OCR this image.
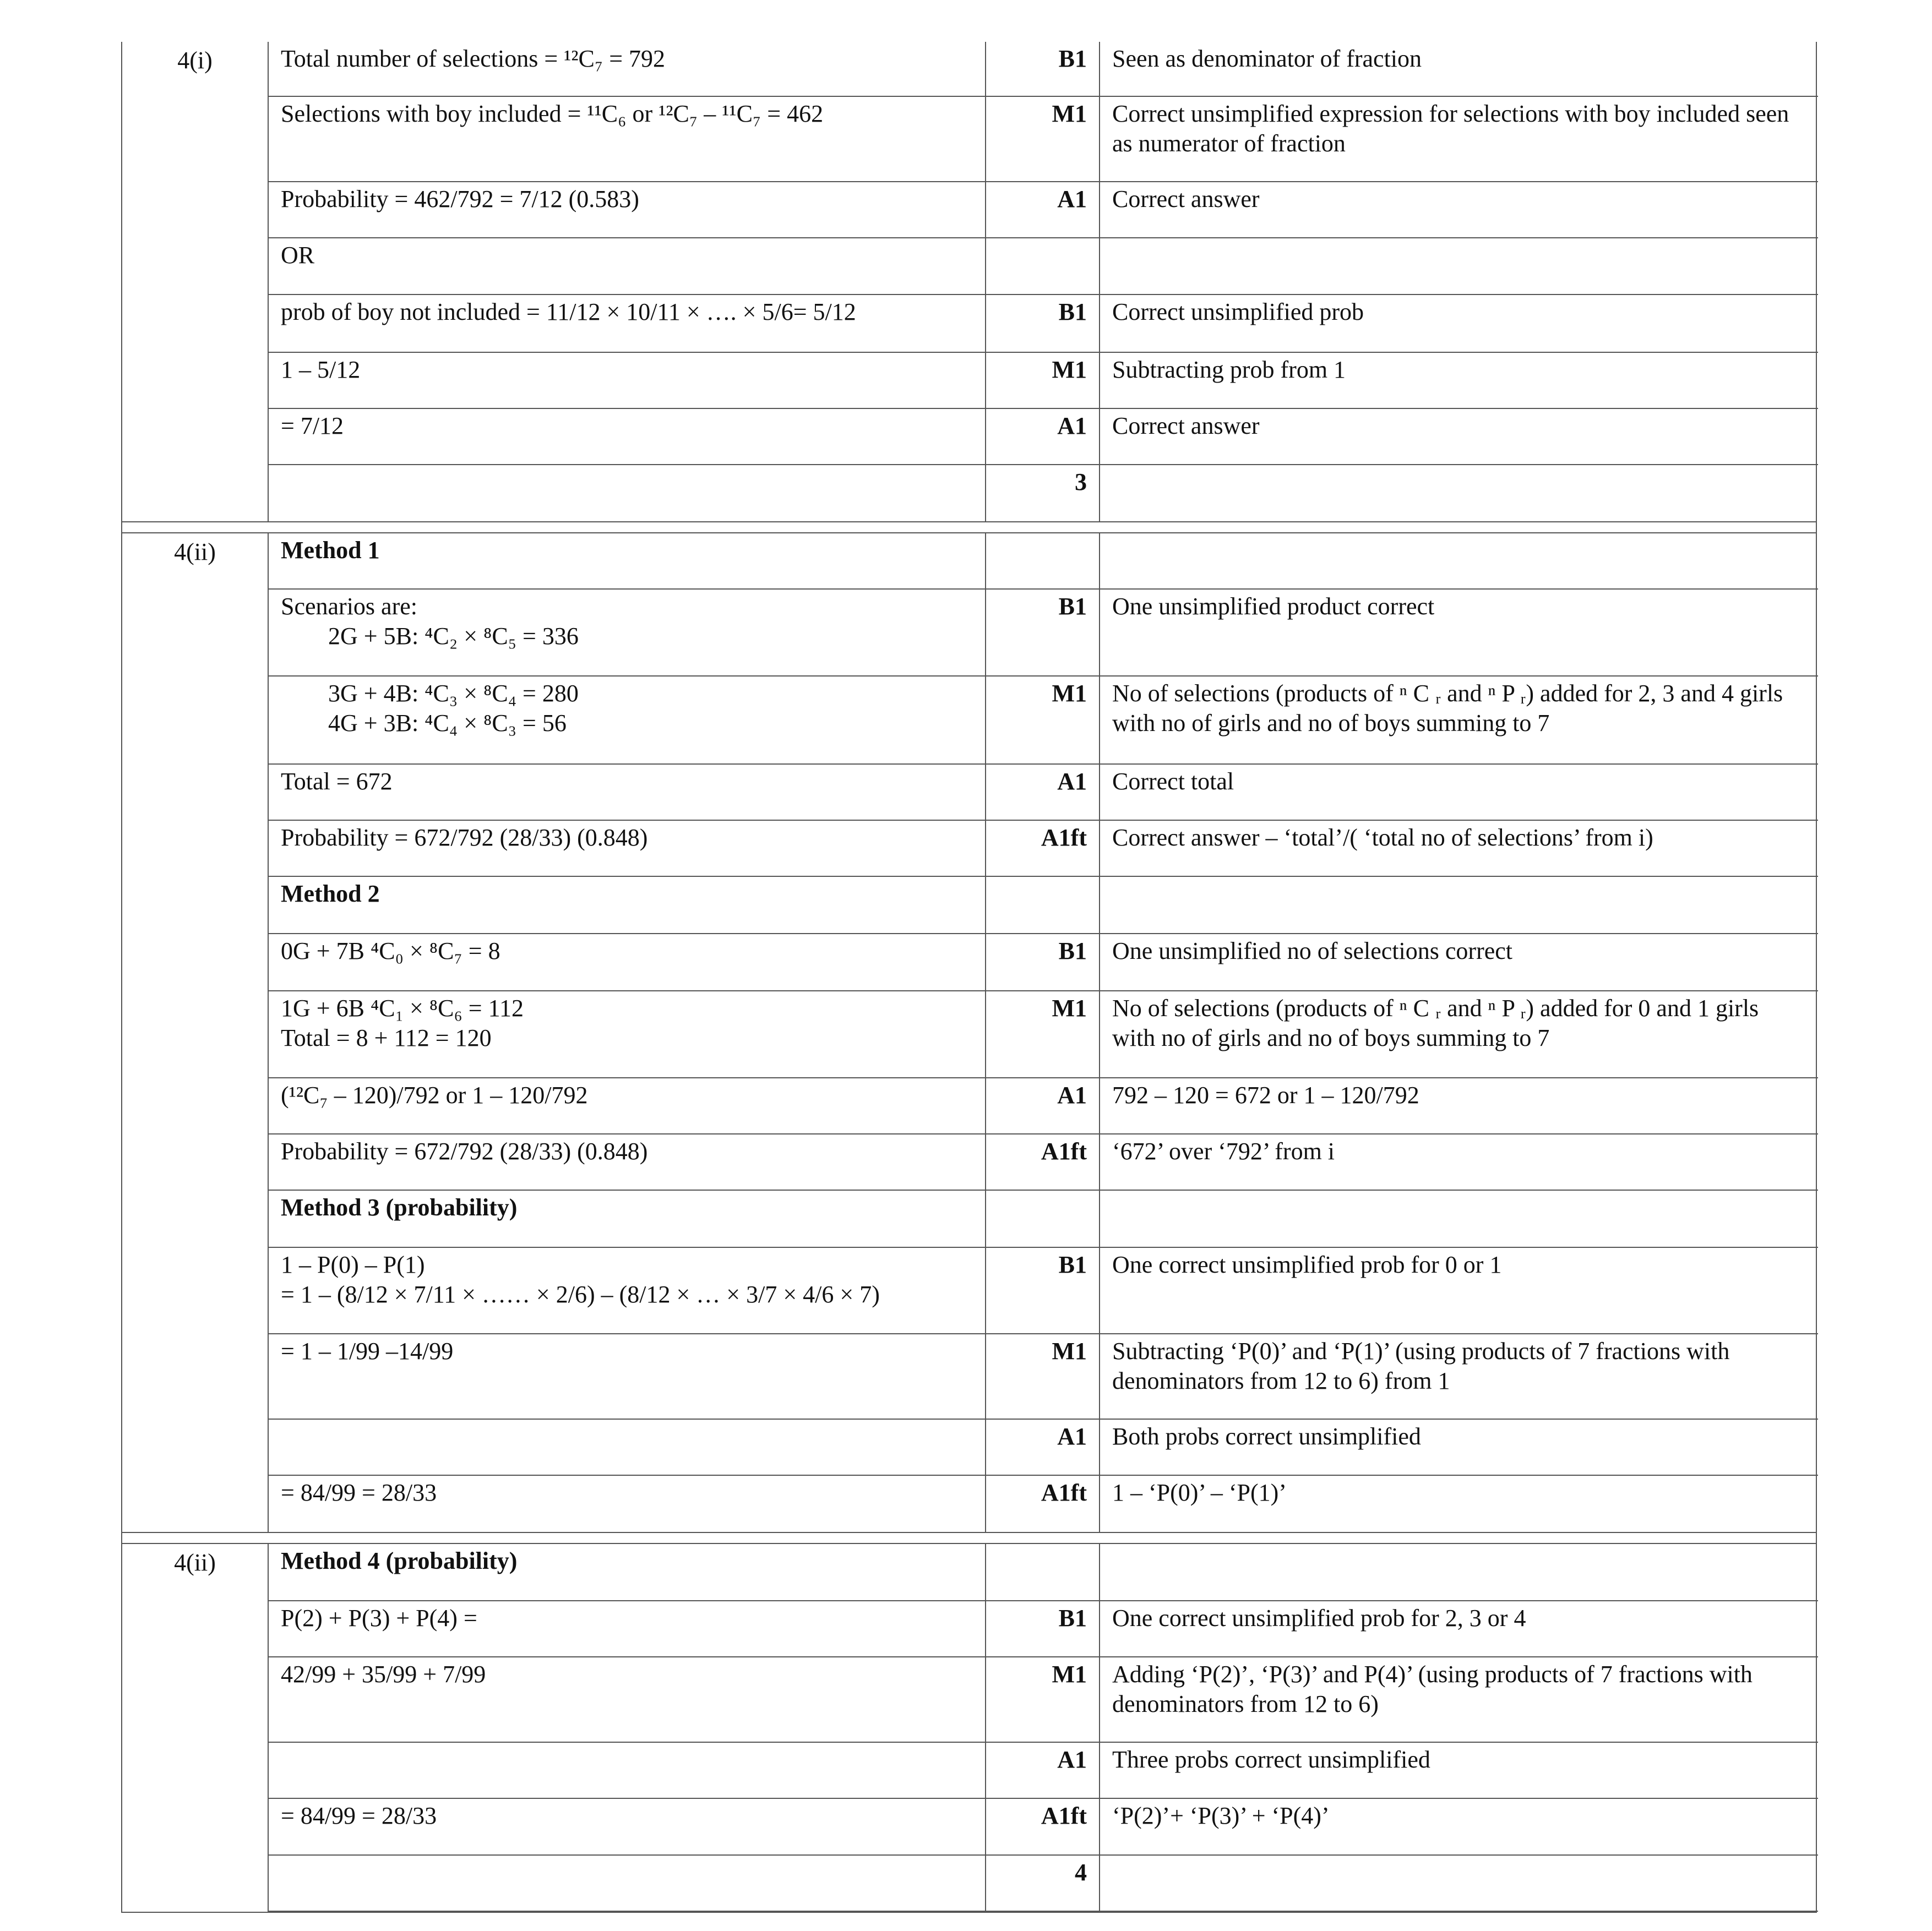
4(i)	Total number of selections = ¹²C₇ = 792	B1	Seen as denominator of fraction
Selections with boy included = ¹¹C₆ or ¹²C₇ – ¹¹C₇ = 462	M1	Correct unsimplified expression for selections with boy included seen as numerator of fraction
Probability = 462/792 = 7/12 (0.583)	A1	Correct answer
OR
prob of boy not included = 11/12 × 10/11 × …. × 5/6= 5/12	B1	Correct unsimplified prob
1 – 5/12	M1	Subtracting prob from 1
= 7/12	A1	Correct answer
3
4(ii)	Method 1
Scenarios are:
2G + 5B: ⁴C₂ × ⁸C₅ = 336
B1	One unsimplified product correct
3G + 4B: ⁴C₃ × ⁸C₄ = 280
4G + 3B: ⁴C₄ × ⁸C₃ = 56
M1	No of selections (products of ⁿ C ᵣ and ⁿ P ᵣ) added for 2, 3 and 4 girls with no of girls and no of boys summing to 7
Total = 672	A1	Correct total
Probability = 672/792 (28/33) (0.848)	A1ft	Correct answer – ‘total’/( ‘total no of selections’ from i)
Method 2
0G + 7B ⁴C₀ × ⁸C₇ = 8	B1	One unsimplified no of selections correct
1G + 6B ⁴C₁ × ⁸C₆ = 112
Total = 8 + 112 = 120
M1	No of selections (products of ⁿ C ᵣ and ⁿ P ᵣ) added for 0 and 1 girls with no of girls and no of boys summing to 7
(¹²C₇ – 120)/792 or 1 – 120/792	A1	792 – 120 = 672 or 1 – 120/792
Probability = 672/792 (28/33) (0.848)	A1ft	‘672’ over ‘792’ from i
Method 3 (probability)
1 – P(0) – P(1)
= 1 – (8/12 × 7/11 × …… × 2/6) – (8/12 × … × 3/7 × 4/6 × 7)
B1	One correct unsimplified prob for 0 or 1
= 1 – 1/99 –14/99	M1	Subtracting ‘P(0)’ and ‘P(1)’ (using products of 7 fractions with denominators from 12 to 6) from 1
A1	Both probs correct unsimplified
= 84/99 = 28/33	A1ft	1 – ‘P(0)’ – ‘P(1)’
4(ii)	Method 4 (probability)
P(2) + P(3) + P(4) =	B1	One correct unsimplified prob for 2, 3 or 4
42/99 + 35/99 + 7/99	M1	Adding ‘P(2)’, ‘P(3)’ and P(4)’ (using products of 7 fractions with denominators from 12 to 6)
A1	Three probs correct unsimplified
= 84/99 = 28/33	A1ft	‘P(2)’+ ‘P(3)’ + ‘P(4)’
4
